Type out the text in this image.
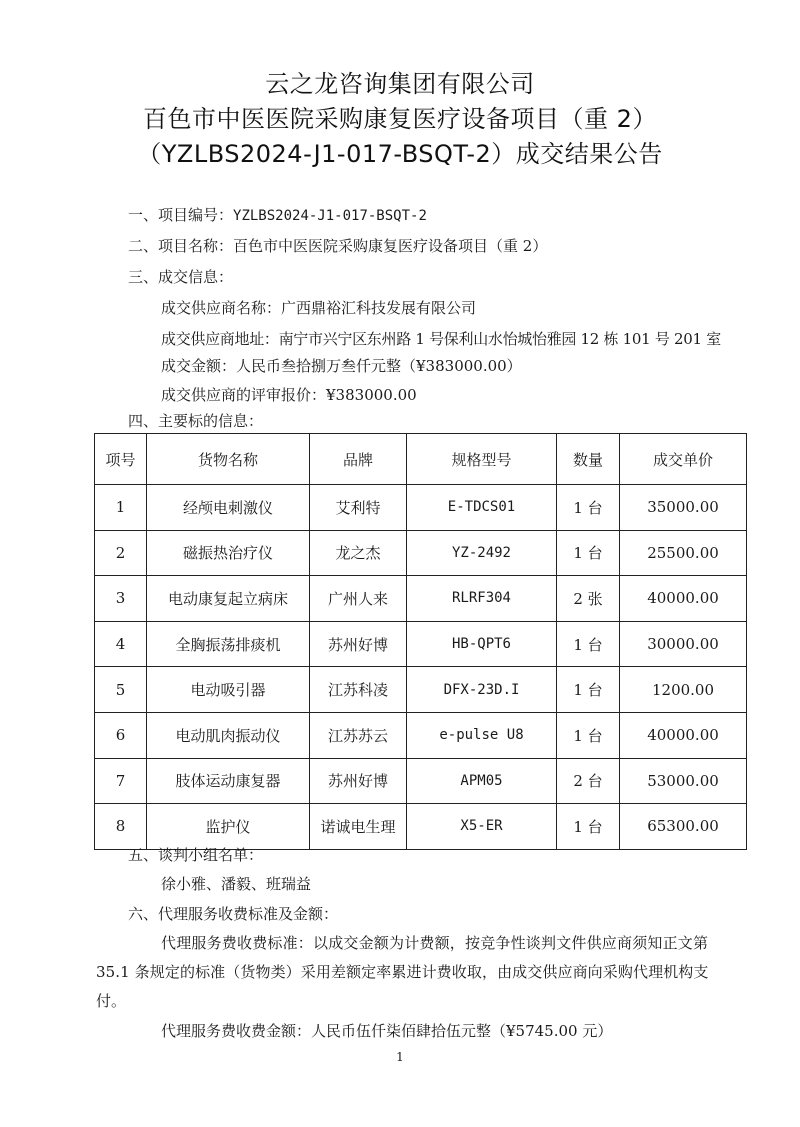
云之龙咨询集团有限公司
百色市中医医院采购康复医疗设备项目（重 2）
（YZLBS2024-J1-017-BSQT-2）成交结果公告
一、项目编号：YZLBS2024-J1-017-BSQT-2
二、项目名称：百色市中医医院采购康复医疗设备项目（重 2）
三、成交信息：
成交供应商名称：广西鼎裕汇科技发展有限公司
成交供应商地址：南宁市兴宁区东州路 1 号保利山水怡城怡雅园 12 栋 101 号 201 室
成交金额：人民币叁拾捌万叁仟元整（¥383000.00）
成交供应商的评审报价：¥383000.00
四、主要标的信息：
项号	货物名称	品牌	规格型号	数量	成交单价
1	经颅电刺激仪	艾利特	E-TDCS01	1 台	35000.00
2	磁振热治疗仪	龙之杰	YZ-2492	1 台	25500.00
3	电动康复起立病床	广州人来	RLRF304	2 张	40000.00
4	全胸振荡排痰机	苏州好博	HB-QPT6	1 台	30000.00
5	电动吸引器	江苏科凌	DFX-23D.I	1 台	1200.00
6	电动肌肉振动仪	江苏苏云	e-pulse U8	1 台	40000.00
7	肢体运动康复器	苏州好博	APM05	2 台	53000.00
8	监护仪	诺诚电生理	X5-ER	1 台	65300.00
五、谈判小组名单：
徐小雅、潘毅、班瑞益
六、代理服务收费标准及金额：
代理服务费收费标准：以成交金额为计费额，按竞争性谈判文件供应商须知正文第
35.1 条规定的标准（货物类）采用差额定率累进计费收取，由成交供应商向采购代理机构支
付。
代理服务费收费金额：人民币伍仟柒佰肆拾伍元整（¥5745.00 元）
1
